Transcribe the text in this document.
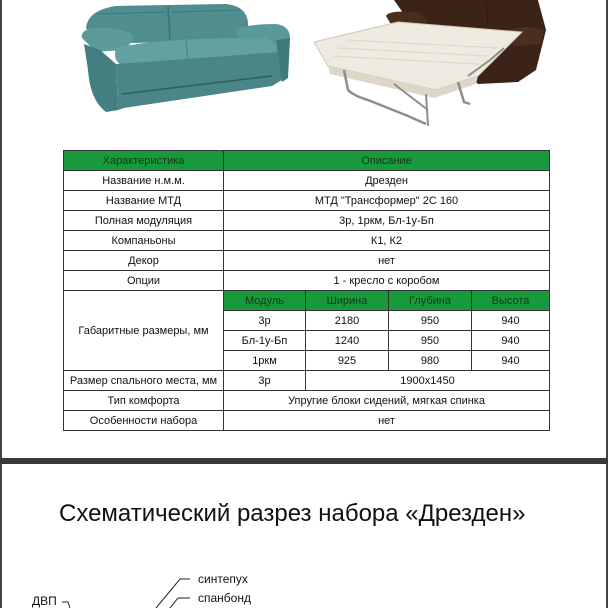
Характеристика	Описание			
Название н.м.м.	Дрезден			
Название МТД	МТД "Трансформер" 2С 160			
Полная модуляция	3р, 1ркм, Бл-1у-Бп			
Компаньоны	К1, К2			
Декор	нет			
Опции	1 - кресло с коробом			
Габаритные размеры, мм	Модуль	Ширина	Глубина	Высота
	3р	2180	950	940
	Бл-1у-Бп	1240	950	940
	1ркм	925	980	940
Размер спального места, мм	3р	1900x1450		
Тип комфорта	Упругие блоки сидений, мягкая спинка			
Особенности набора	нет			
Схематический разрез набора «Дрезден»
ДВП
синтепух
спанбонд
